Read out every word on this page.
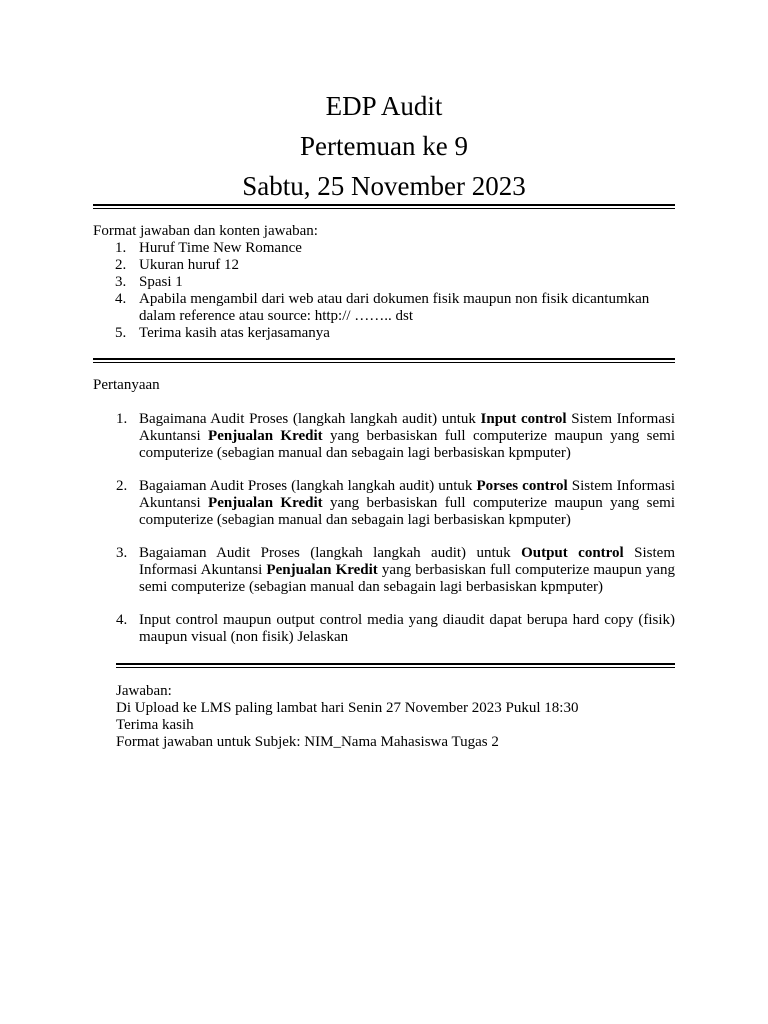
EDP Audit
Pertemuan ke 9
Sabtu, 25 November 2023
Format jawaban dan konten jawaban:
1. Huruf Time New Romance
2. Ukuran huruf 12
3. Spasi 1
4. Apabila mengambil dari web atau dari dokumen fisik maupun non fisik dicantumkan dalam reference atau source: http:// …….. dst
5. Terima kasih atas kerjasamanya
Pertanyaan
1. Bagaimana Audit Proses (langkah langkah audit) untuk Input control Sistem Informasi Akuntansi Penjualan Kredit yang berbasiskan full computerize maupun yang semi computerize (sebagian manual dan sebagain lagi berbasiskan kpmputer)
2. Bagaiaman Audit Proses (langkah langkah audit) untuk Porses control Sistem Informasi Akuntansi Penjualan Kredit yang berbasiskan full computerize maupun yang semi computerize (sebagian manual dan sebagain lagi berbasiskan kpmputer)
3. Bagaiaman Audit Proses (langkah langkah audit) untuk Output control Sistem Informasi Akuntansi Penjualan Kredit yang berbasiskan full computerize maupun yang semi computerize (sebagian manual dan sebagain lagi berbasiskan kpmputer)
4. Input control maupun output control media yang diaudit dapat berupa hard copy (fisik) maupun visual (non fisik) Jelaskan
Jawaban:
Di Upload ke LMS paling lambat hari Senin 27 November 2023 Pukul 18:30
Terima kasih
Format jawaban untuk Subjek: NIM_Nama Mahasiswa Tugas 2
